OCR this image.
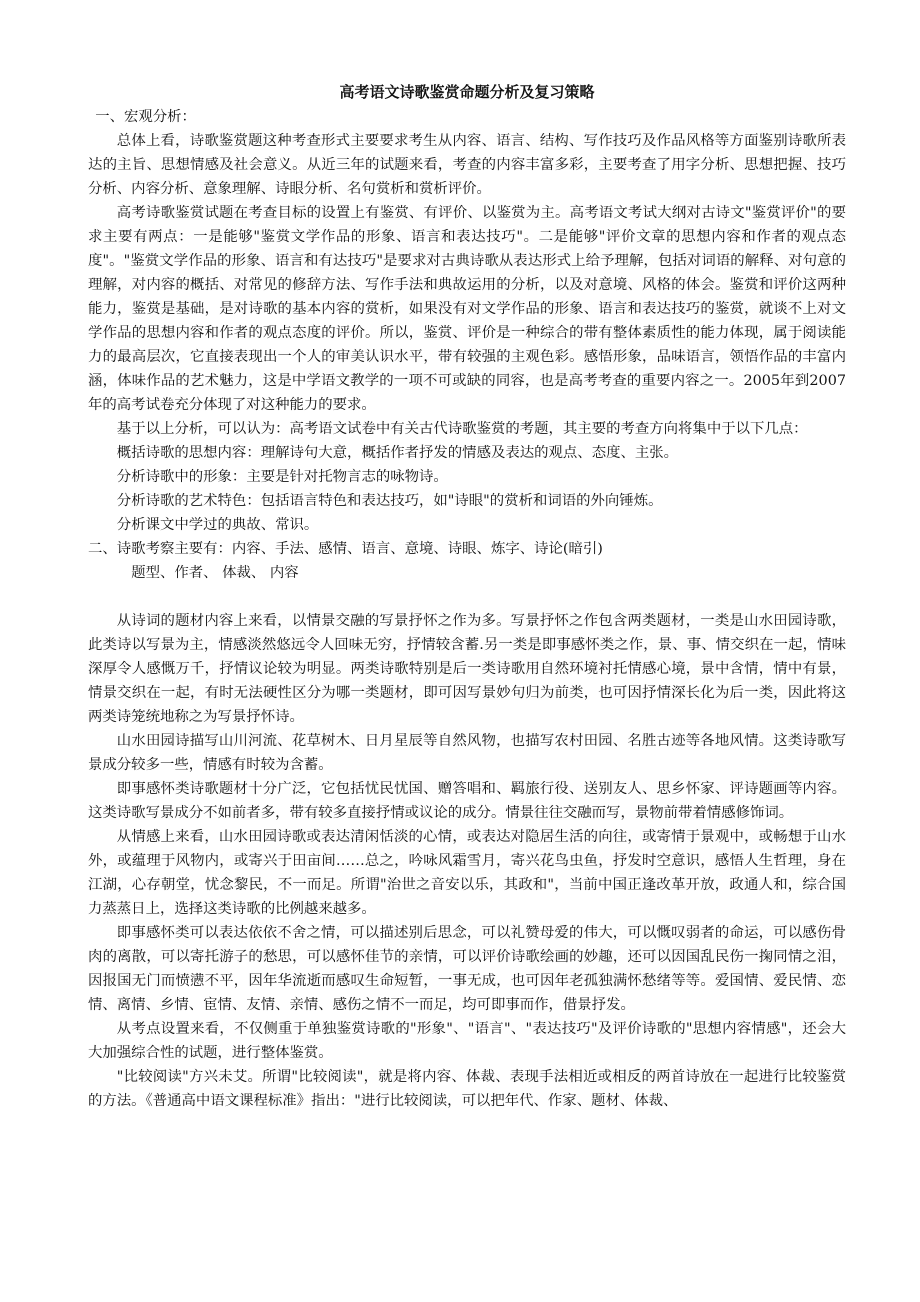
高考语文诗歌鉴赏命题分析及复习策略

一、宏观分析：

总体上看，诗歌鉴赏题这种考查形式主要要求考生从内容、语言、结构、写作技巧及作品风格等方面鉴别诗歌所表达的主旨、思想情感及社会意义。从近三年的试题来看，考查的内容丰富多彩，主要考查了用字分析、思想把握、技巧分析、内容分析、意象理解、诗眼分析、名句赏析和赏析评价。

高考诗歌鉴赏试题在考查目标的设置上有鉴赏、有评价、以鉴赏为主。高考语文考试大纲对古诗文"鉴赏评价"的要求主要有两点：一是能够"鉴赏文学作品的形象、语言和表达技巧"。二是能够"评价文章的思想内容和作者的观点态度"。"鉴赏文学作品的形象、语言和有达技巧"是要求对古典诗歌从表达形式上给予理解，包括对词语的解释、对句意的理解，对内容的概括、对常见的修辞方法、写作手法和典故运用的分析，以及对意境、风格的体会。鉴赏和评价这两种能力，鉴赏是基础，是对诗歌的基本内容的赏析，如果没有对文学作品的形象、语言和表达技巧的鉴赏，就谈不上对文学作品的思想内容和作者的观点态度的评价。所以，鉴赏、评价是一种综合的带有整体素质性的能力体现，属于阅读能力的最高层次，它直接表现出一个人的审美认识水平，带有较强的主观色彩。感悟形象，品味语言，领悟作品的丰富内涵，体味作品的艺术魅力，这是中学语文教学的一项不可或缺的同容，也是高考考查的重要内容之一。2005年到2007年的高考试卷充分体现了对这种能力的要求。

基于以上分析，可以认为：高考语文试卷中有关古代诗歌鉴赏的考题，其主要的考查方向将集中于以下几点：

概括诗歌的思想内容：理解诗句大意，概括作者抒发的情感及表达的观点、态度、主张。

分析诗歌中的形象：主要是针对托物言志的咏物诗。

分析诗歌的艺术特色：包括语言特色和表达技巧，如"诗眼"的赏析和词语的外向锤炼。

分析课文中学过的典故、常识。

二、诗歌考察主要有：内容、手法、感情、语言、意境、诗眼、炼字、诗论(暗引)

题型、作者、 体裁、 内容

从诗词的题材内容上来看，以情景交融的写景抒怀之作为多。写景抒怀之作包含两类题材，一类是山水田园诗歌，此类诗以写景为主，情感淡然悠远令人回味无穷，抒情较含蓄.另一类是即事感怀类之作，景、事、情交织在一起，情味深厚令人感慨万千，抒情议论较为明显。两类诗歌特别是后一类诗歌用自然环境衬托情感心境，景中含情，情中有景，情景交织在一起，有时无法硬性区分为哪一类题材，即可因写景妙句归为前类，也可因抒情深长化为后一类，因此将这两类诗笼统地称之为写景抒怀诗。

山水田园诗描写山川河流、花草树木、日月星辰等自然风物，也描写农村田园、名胜古迹等各地风情。这类诗歌写景成分较多一些，情感有时较为含蓄。

即事感怀类诗歌题材十分广泛，它包括忧民忧国、赠答唱和、羁旅行役、送别友人、思乡怀家、评诗题画等内容。这类诗歌写景成分不如前者多，带有较多直接抒情或议论的成分。情景往往交融而写，景物前带着情感修饰词。

从情感上来看，山水田园诗歌或表达清闲恬淡的心情，或表达对隐居生活的向往，或寄情于景观中，或畅想于山水外，或蕴理于风物内，或寄兴于田亩间……总之，吟咏风霜雪月，寄兴花鸟虫鱼，抒发时空意识，感悟人生哲理，身在江湖，心存朝堂，忧念黎民，不一而足。所谓"治世之音安以乐，其政和"，当前中国正逢改革开放，政通人和，综合国力蒸蒸日上，选择这类诗歌的比例越来越多。

即事感怀类可以表达依依不舍之情，可以描述别后思念，可以礼赞母爱的伟大，可以慨叹弱者的命运，可以感伤骨肉的离散，可以寄托游子的愁思，可以感怀佳节的亲情，可以评价诗歌绘画的妙趣，还可以因国乱民伤一掬同情之泪，因报国无门而愤懑不平，因年华流逝而感叹生命短暂，一事无成，也可因年老孤独满怀愁绪等等。爱国情、爱民情、恋情、离情、乡情、宦情、友情、亲情、感伤之情不一而足，均可即事而作，借景抒发。

从考点设置来看，不仅侧重于单独鉴赏诗歌的"形象"、"语言"、"表达技巧"及评价诗歌的"思想内容情感"，还会大大加强综合性的试题，进行整体鉴赏。

"比较阅读"方兴未艾。所谓"比较阅读"，就是将内容、体裁、表现手法相近或相反的两首诗放在一起进行比较鉴赏的方法。《普通高中语文课程标准》指出："进行比较阅读，可以把年代、作家、题材、体裁、
